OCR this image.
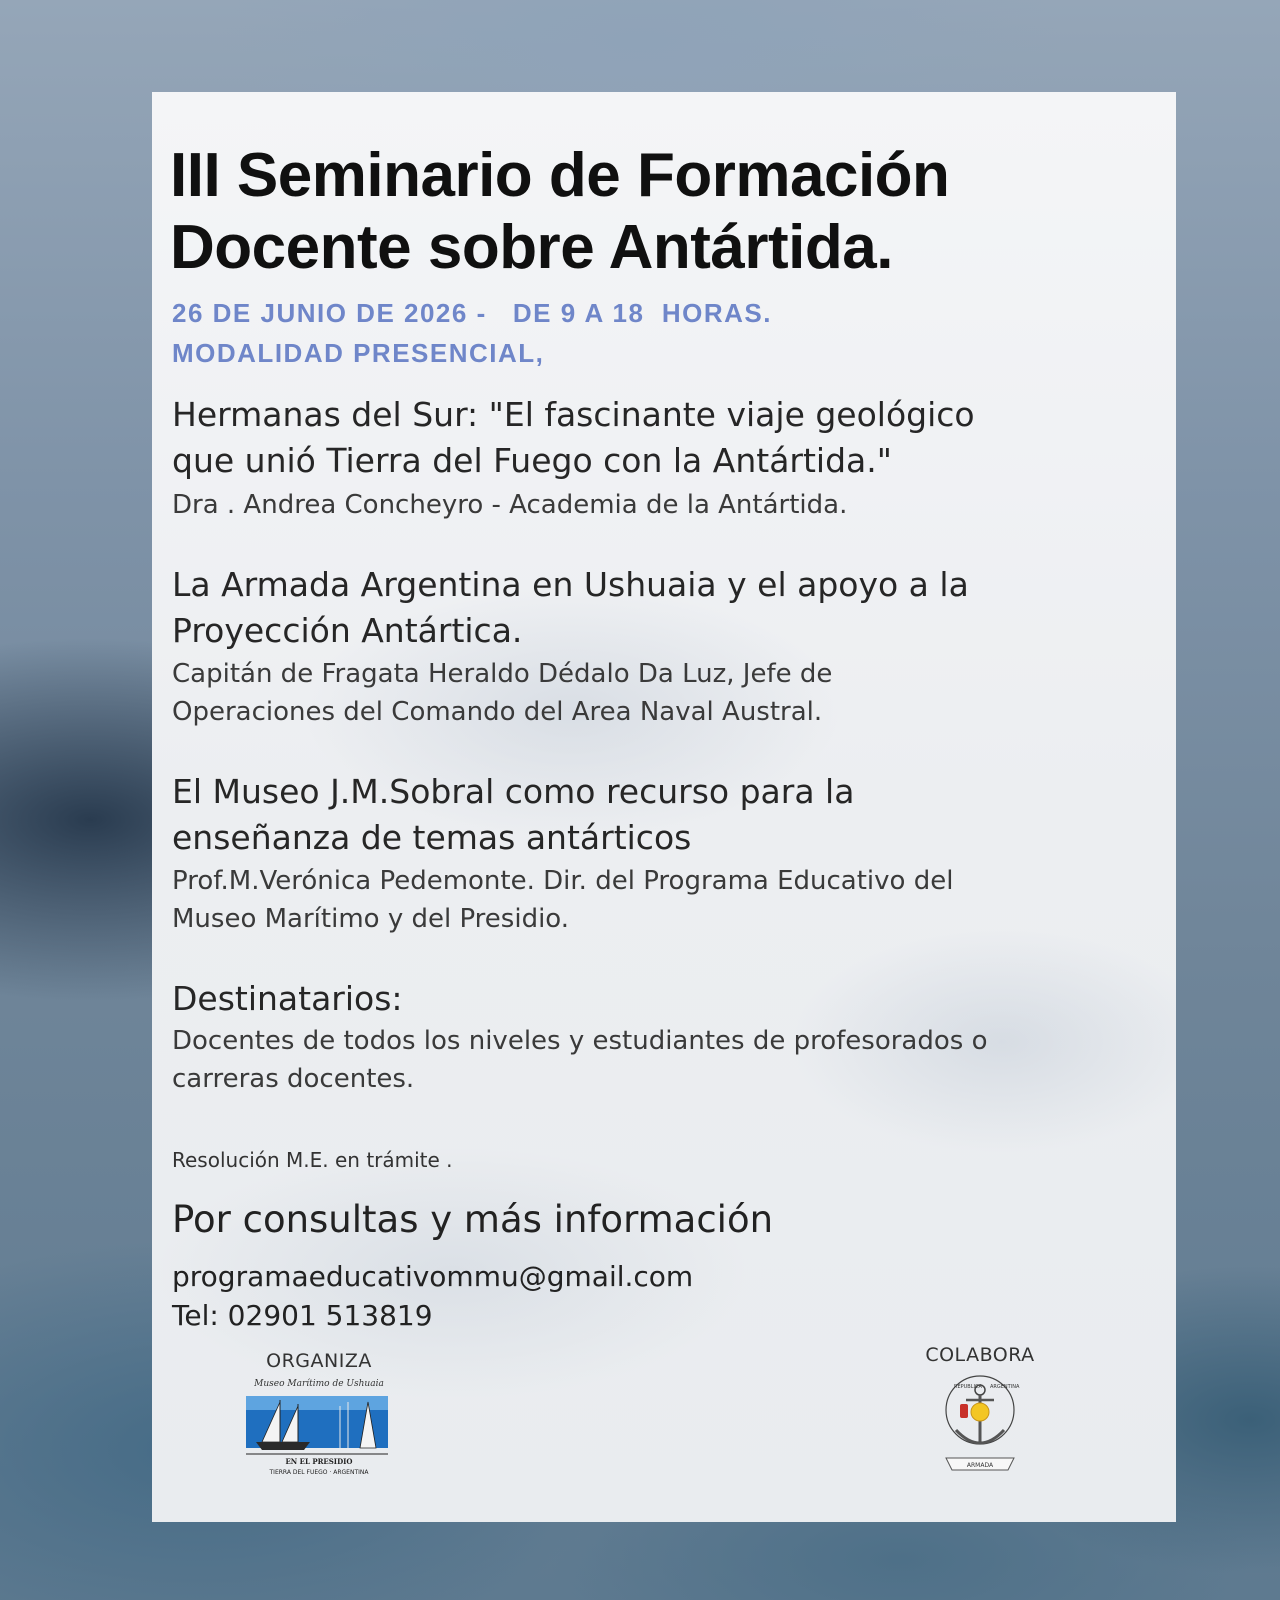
III Seminario de Formación
Docente sobre Antártida.
26 DE JUNIO DE 2026 -   DE 9 A 18  HORAS.
MODALIDAD PRESENCIAL,
Hermanas del Sur: "El fascinante viaje geológico
que unió Tierra del Fuego con la Antártida."

Dra . Andrea Concheyro - Academia de la Antártida.

La Armada Argentina en Ushuaia y el apoyo a la
Proyección Antártica.

Capitán de Fragata Heraldo Dédalo Da Luz, Jefe de
Operaciones del Comando del Area Naval Austral.

El Museo J.M.Sobral como recurso para la
enseñanza de temas antárticos

Prof.M.Verónica Pedemonte. Dir. del Programa Educativo del
Museo Marítimo y del Presidio.

Destinatarios:

Docentes de todos los niveles y estudiantes de profesorados o
carreras docentes.

Resolución M.E. en trámite .
Por consultas y más información
programaeducativommu@gmail.com
Tel: 02901 513819
ORGANIZA
Museo Marítimo de Ushuaia
EN EL PRESIDIO
TIERRA DEL FUEGO · ARGENTINA
COLABORA
REPUBLICA ARGENTINA
ARMADA
